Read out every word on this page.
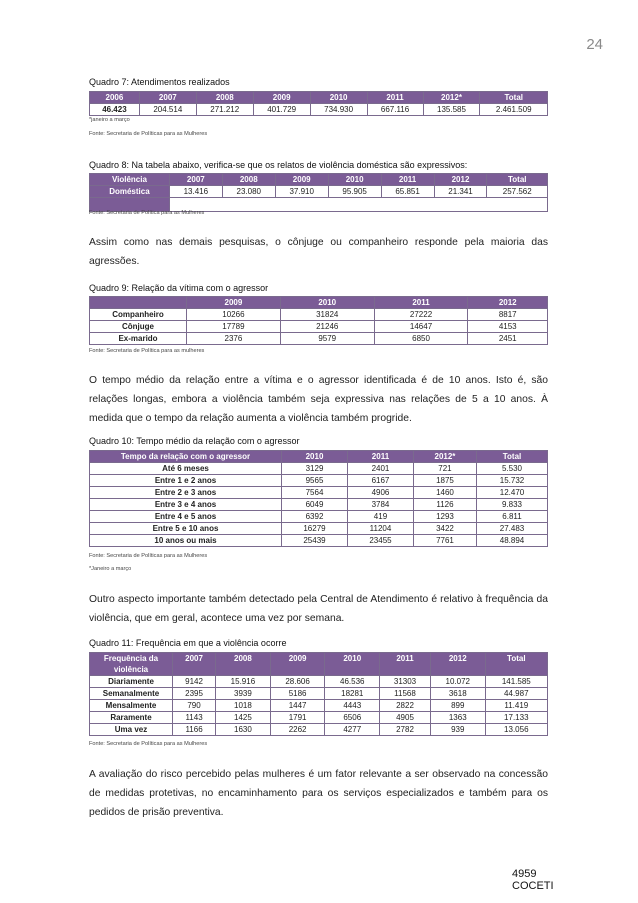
24
Quadro 7: Atendimentos realizados
2006	2007	2008	2009	2010	2011	2012*	Total
46.423	204.514	271.212	401.729	734.930	667.116	135.585	2.461.509
*janeiro a março
Fonte: Secretaria de Políticas para as Mulheres
Quadro 8: Na tabela abaixo, verifica-se que os relatos de violência doméstica são expressivos:
Violência	2007	2008	2009	2010	2011	2012	Total
Doméstica	13.416	23.080	37.910	95.905	65.851	21.341	257.562

Fonte: Secretaria de Política para as Mulheres
Assim como nas demais pesquisas, o cônjuge ou companheiro responde pela maioria das agressões.
Quadro 9: Relação da vítima com o agressor
	2009	2010	2011	2012
Companheiro	10266	31824	27222	8817
Cônjuge	17789	21246	14647	4153
Ex-marido	2376	9579	6850	2451
Fonte: Secretaria de Política para as mulheres
O tempo médio da relação entre a vítima e o agressor identificada é de 10 anos. Isto é, são relações longas, embora a violência também seja expressiva nas relações de 5 a 10 anos. À medida que o tempo da relação aumenta a violência também progride.
Quadro 10: Tempo médio da relação com o agressor
Tempo da relação com o agressor	2010	2011	2012*	Total
Até 6 meses	3129	2401	721	5.530
Entre 1 e 2 anos	9565	6167	1875	15.732
Entre 2 e 3 anos	7564	4906	1460	12.470
Entre 3 e 4 anos	6049	3784	1126	9.833
Entre 4 e 5 anos	6392	419	1293	6.811
Entre 5 e 10 anos	16279	11204	3422	27.483
10 anos ou mais	25439	23455	7761	48.894
Fonte: Secretaria de Políticas para as Mulheres
*Janeiro a março
Outro aspecto importante também detectado pela Central de Atendimento é relativo à frequência da violência, que em geral, acontece uma vez por semana.
Quadro 11: Frequência em que a violência ocorre
Frequência da violência	2007	2008	2009	2010	2011	2012	Total
Diariamente	9142	15.916	28.606	46.536	31303	10.072	141.585
Semanalmente	2395	3939	5186	18281	11568	3618	44.987
Mensalmente	790	1018	1447	4443	2822	899	11.419
Raramente	1143	1425	1791	6506	4905	1363	17.133
Uma vez	1166	1630	2262	4277	2782	939	13.056
Fonte: Secretaria de Políticas para as Mulheres
A avaliação do risco percebido pelas mulheres é um fator relevante a ser observado na concessão de medidas protetivas, no encaminhamento para os serviços especializados e também para os pedidos de prisão preventiva.
4959
COCETI
